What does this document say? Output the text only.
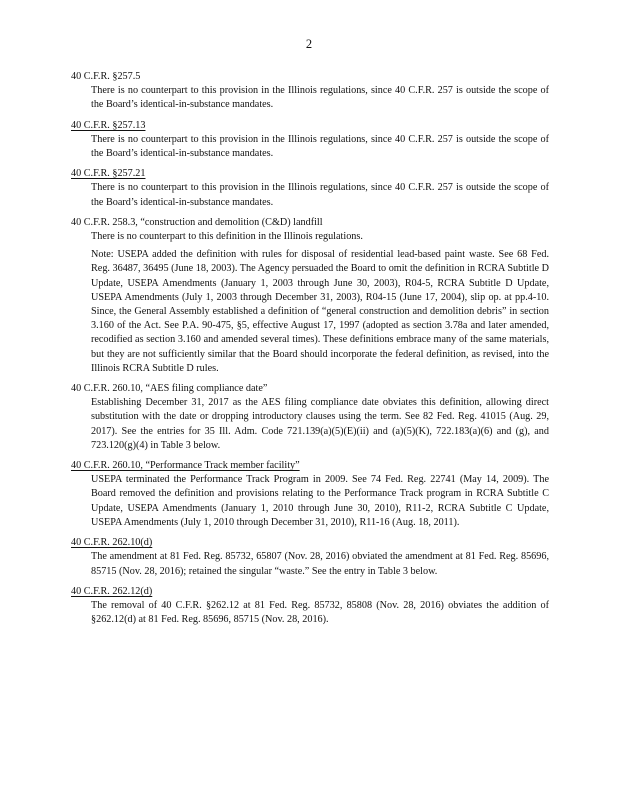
2
40 C.F.R. §257.5

There is no counterpart to this provision in the Illinois regulations, since 40 C.F.R. 257 is outside the scope of the Board’s identical-in-substance mandates.

40 C.F.R. §257.13

There is no counterpart to this provision in the Illinois regulations, since 40 C.F.R. 257 is outside the scope of the Board’s identical-in-substance mandates.

40 C.F.R. §257.21

There is no counterpart to this provision in the Illinois regulations, since 40 C.F.R. 257 is outside the scope of the Board’s identical-in-substance mandates.

40 C.F.R. 258.3, “construction and demolition (C&D) landfill

There is no counterpart to this definition in the Illinois regulations.

Note: USEPA added the definition with rules for disposal of residential lead-based paint waste. See 68 Fed. Reg. 36487, 36495 (June 18, 2003). The Agency persuaded the Board to omit the definition in RCRA Subtitle D Update, USEPA Amendments (January 1, 2003 through June 30, 2003), R04-5, RCRA Subtitle D Update, USEPA Amendments (July 1, 2003 through December 31, 2003), R04-15 (June 17, 2004), slip op. at pp.4-10. Since, the General Assembly established a definition of “general construction and demolition debris” in section 3.160 of the Act. See P.A. 90-475, §5, effective August 17, 1997 (adopted as section 3.78a and later amended, recodified as section 3.160 and amended several times). These definitions embrace many of the same materials, but they are not sufficiently similar that the Board should incorporate the federal definition, as revised, into the Illinois RCRA Subtitle D rules.

40 C.F.R. 260.10, “AES filing compliance date”

Establishing December 31, 2017 as the AES filing compliance date obviates this definition, allowing direct substitution with the date or dropping introductory clauses using the term. See 82 Fed. Reg. 41015 (Aug. 29, 2017). See the entries for 35 Ill. Adm. Code 721.139(a)(5)(E)(ii) and (a)(5)(K), 722.183(a)(6) and (g), and 723.120(g)(4) in Table 3 below.

40 C.F.R. 260.10, “Performance Track member facility”

USEPA terminated the Performance Track Program in 2009. See 74 Fed. Reg. 22741 (May 14, 2009). The Board removed the definition and provisions relating to the Performance Track program in RCRA Subtitle C Update, USEPA Amendments (January 1, 2010 through June 30, 2010), R11-2, RCRA Subtitle C Update, USEPA Amendments (July 1, 2010 through December 31, 2010), R11-16 (Aug. 18, 2011).

40 C.F.R. 262.10(d)

The amendment at 81 Fed. Reg. 85732, 65807 (Nov. 28, 2016) obviated the amendment at 81 Fed. Reg. 85696, 85715 (Nov. 28, 2016); retained the singular “waste.” See the entry in Table 3 below.

40 C.F.R. 262.12(d)

The removal of 40 C.F.R. §262.12 at 81 Fed. Reg. 85732, 85808 (Nov. 28, 2016) obviates the addition of §262.12(d) at 81 Fed. Reg. 85696, 85715 (Nov. 28, 2016).
